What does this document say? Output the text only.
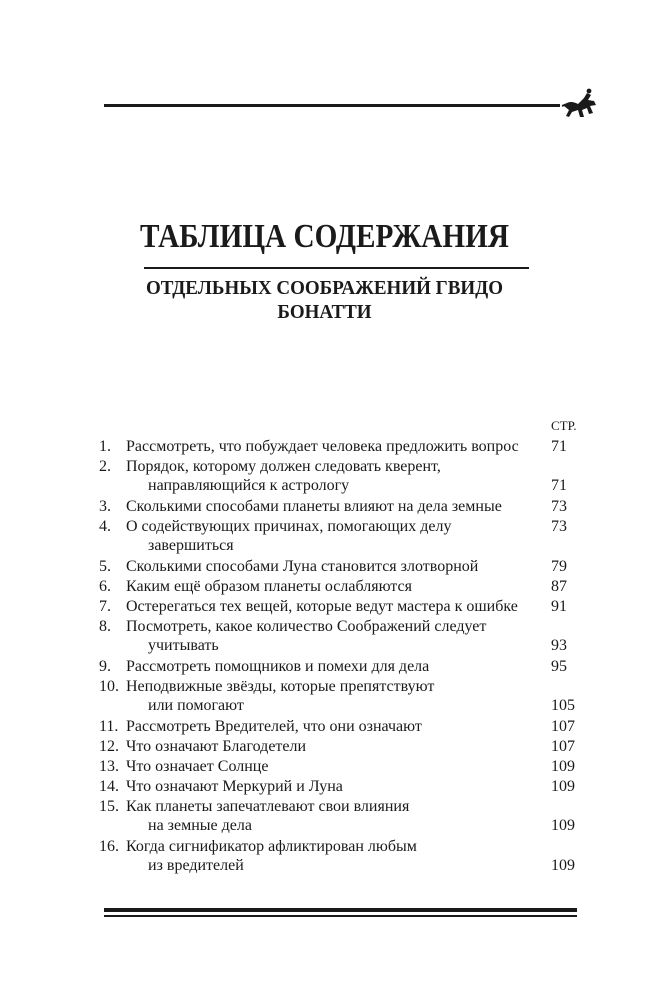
ТАБЛИЦА СОДЕРЖАНИЯ
ОТДЕЛЬНЫХ СООБРАЖЕНИЙ ГВИДО
БОНАТТИ
СТР.
1. Рассмотреть, что побуждает человека предложить вопрос 71
2. Порядок, которому должен следовать кверент,
направляющийся к астрологу	71
3. Сколькими способами планеты влияют на дела земные	73
4. О содействующих причинах, помогающих делу
завершиться
73
5. Сколькими способами Луна становится злотворной	79
6. Каким ещё образом планеты ослабляются	87
7. Остерегаться тех вещей, которые ведут мастера к ошибке 91
8. Посмотреть, какое количество Соображений следует
учитывать	93
9. Рассмотреть помощников и помехи для дела	95
10. Неподвижные звёзды, которые препятствуют
или помогают	105
11. Рассмотреть Вредителей, что они означают	107
12. Что означают Благодетели	107
13. Что означает Солнце	109
14. Что означают Меркурий и Луна	109
15. Как планеты запечатлевают свои влияния
на земные дела	109
16. Когда сигнификатор афликтирован любым
из вредителей	109
